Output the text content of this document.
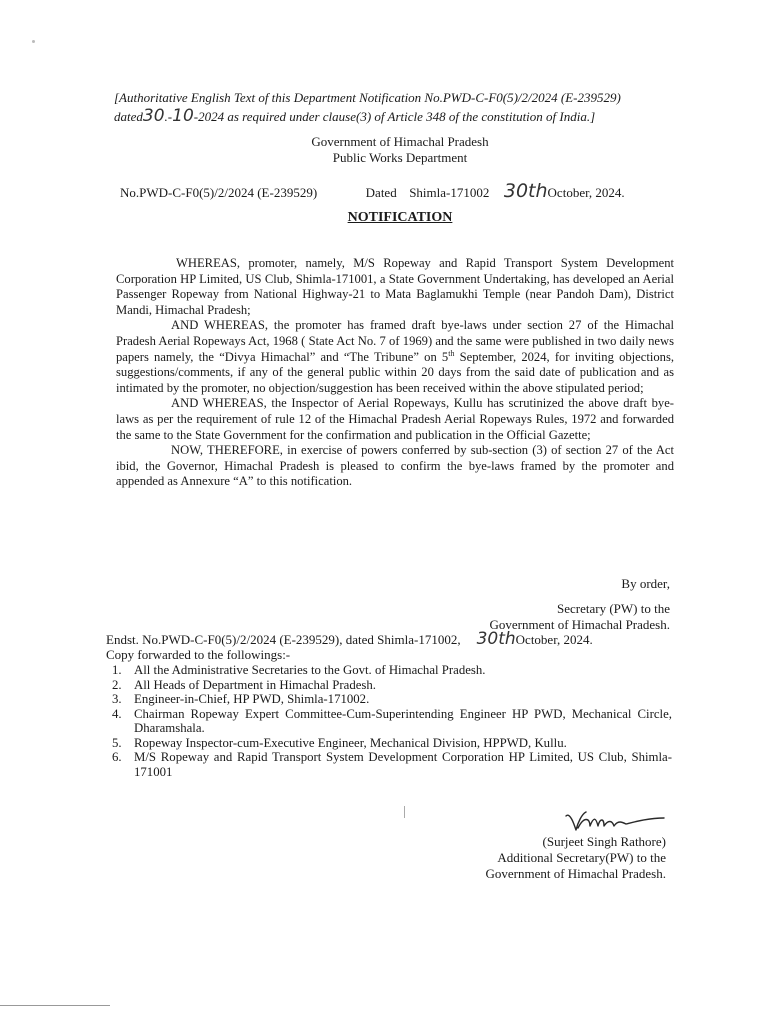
[Authoritative English Text of this Department Notification No.PWD-C-F0(5)/2/2024 (E-239529) dated30.-10-2024 as required under clause(3) of Article 348 of the constitution of India.]
Government of Himachal Pradesh
Public Works Department
No.PWD-C-F0(5)/2/2024 (E-239529)	Dated Shimla-171002 30thOctober, 2024.
NOTIFICATION

WHEREAS, promoter, namely, M/S Ropeway and Rapid Transport System Development Corporation HP Limited, US Club, Shimla-171001, a State Government Undertaking, has developed an Aerial Passenger Ropeway from National Highway-21 to Mata Baglamukhi Temple (near Pandoh Dam), District Mandi, Himachal Pradesh;

AND WHEREAS, the promoter has framed draft bye-laws under section 27 of the Himachal Pradesh Aerial Ropeways Act, 1968 ( State Act No. 7 of 1969) and the same were published in two daily news papers namely, the “Divya Himachal” and “The Tribune” on 5th September, 2024, for inviting objections, suggestions/comments, if any of the general public within 20 days from the said date of publication and as intimated by the promoter, no objection/suggestion has been received within the above stipulated period;

AND WHEREAS, the Inspector of Aerial Ropeways, Kullu has scrutinized the above draft bye-laws as per the requirement of rule 12 of the Himachal Pradesh Aerial Ropeways Rules, 1972 and forwarded the same to the State Government for the confirmation and publication in the Official Gazette;

NOW, THEREFORE, in exercise of powers conferred by sub-section (3) of section 27 of the Act ibid, the Governor, Himachal Pradesh is pleased to confirm the bye-laws framed by the promoter and appended as Annexure “A” to this notification.

By order,
Secretary (PW) to the
Government of Himachal Pradesh.
Endst. No.PWD-C-F0(5)/2/2024 (E-239529), dated Shimla-171002, 30thOctober, 2024.
Copy forwarded to the followings:-
1. All the Administrative Secretaries to the Govt. of Himachal Pradesh.
2. All Heads of Department in Himachal Pradesh.
3. Engineer-in-Chief, HP PWD, Shimla-171002.
4. Chairman Ropeway Expert Committee-Cum-Superintending Engineer HP PWD, Mechanical Circle, Dharamshala.
5. Ropeway Inspector-cum-Executive Engineer, Mechanical Division, HPPWD, Kullu.
6. M/S Ropeway and Rapid Transport System Development Corporation HP Limited, US Club, Shimla-171001
(Surjeet Singh Rathore)
Additional Secretary(PW) to the
Government of Himachal Pradesh.
